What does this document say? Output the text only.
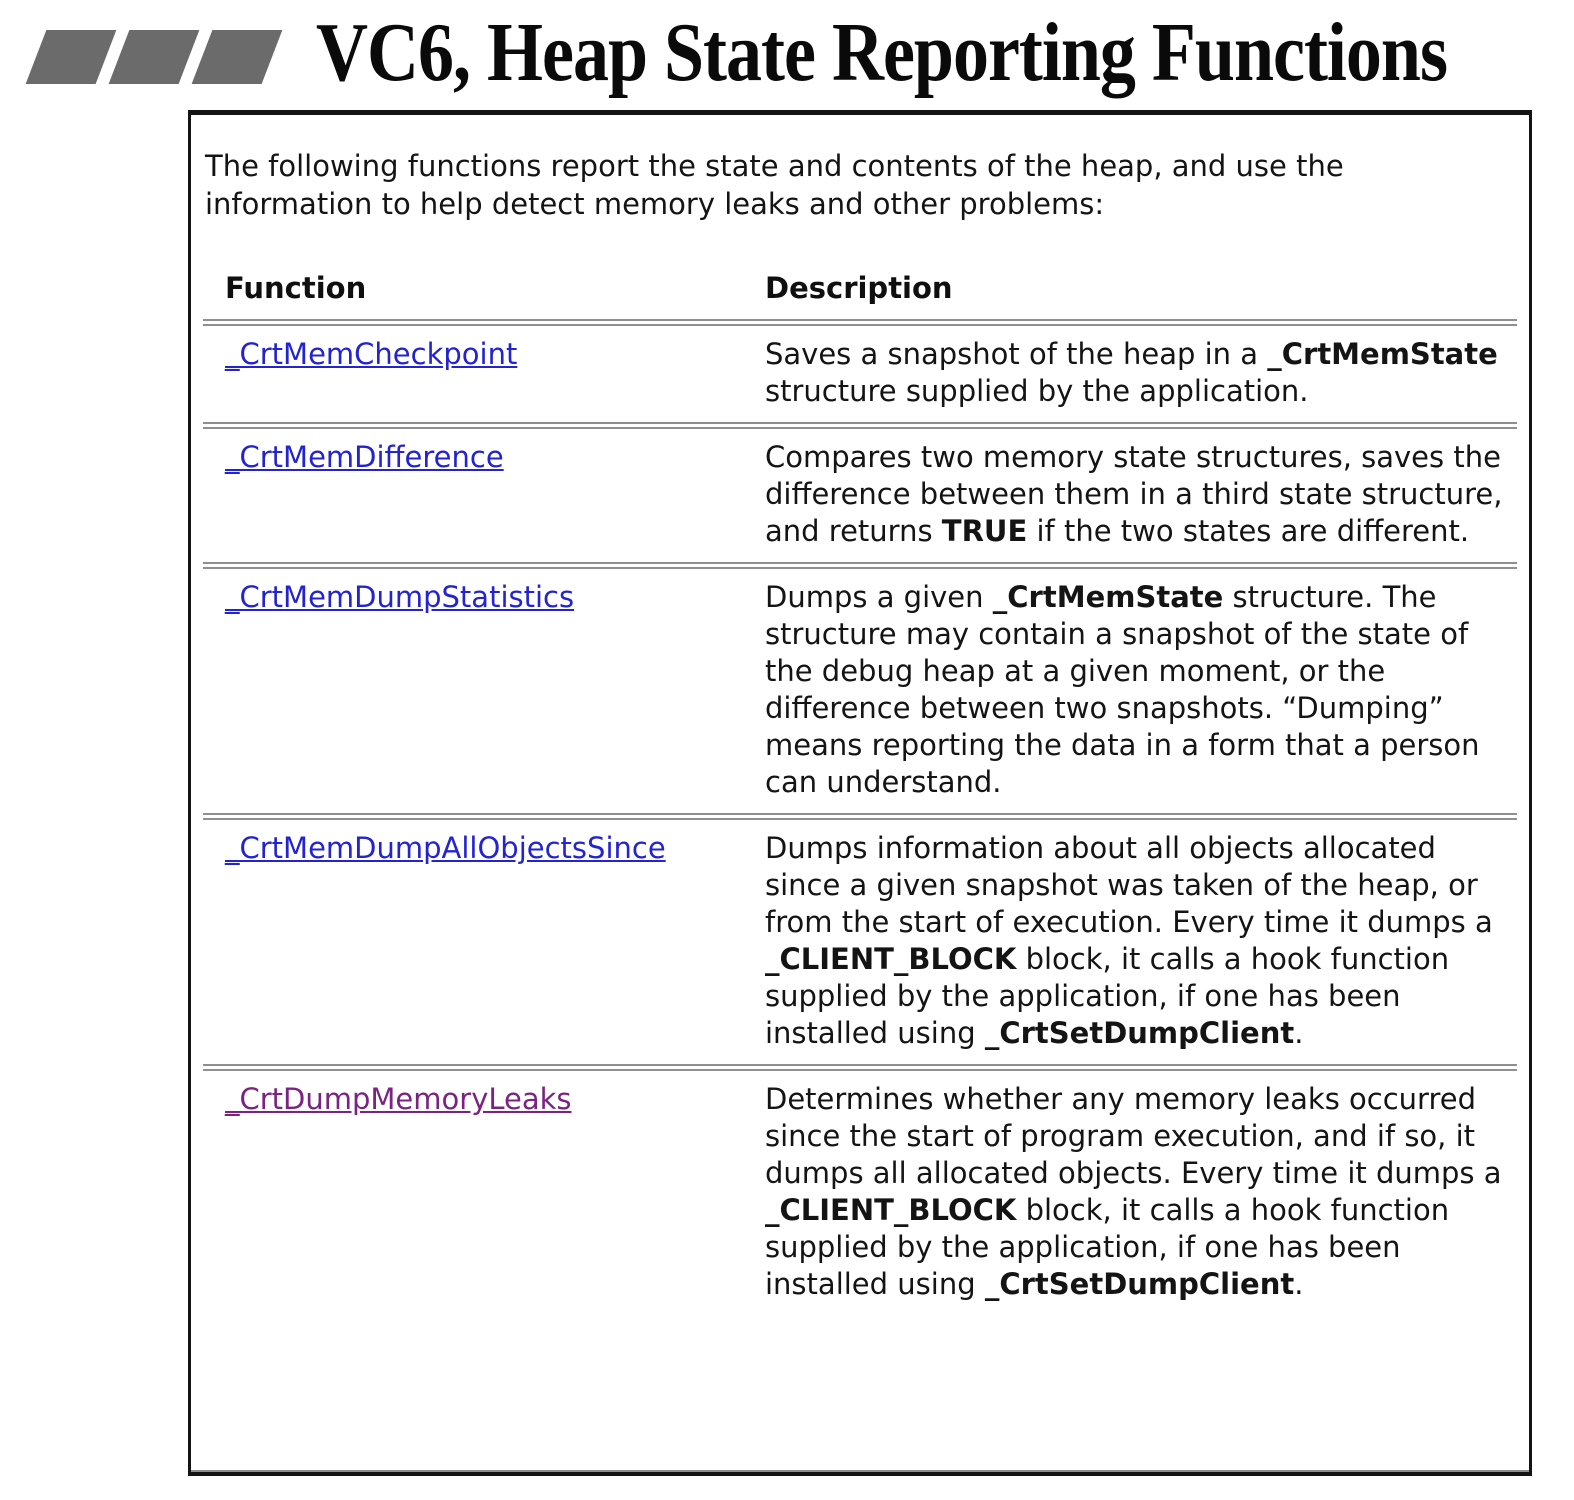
VC6, Heap State Reporting Functions

The following functions report the state and contents of the heap, and use the information to help detect memory leaks and other problems:

Function	Description
_CrtMemCheckpoint	Saves a snapshot of the heap in a _CrtMemState structure supplied by the application.
_CrtMemDifference	Compares two memory state structures, saves the difference between them in a third state structure, and returns TRUE if the two states are different.
_CrtMemDumpStatistics	Dumps a given _CrtMemState structure. The structure may contain a snapshot of the state of the debug heap at a given moment, or the difference between two snapshots. “Dumping” means reporting the data in a form that a person can understand.
_CrtMemDumpAllObjectsSince	Dumps information about all objects allocated since a given snapshot was taken of the heap, or from the start of execution. Every time it dumps a _CLIENT_BLOCK block, it calls a hook function supplied by the application, if one has been installed using _CrtSetDumpClient.
_CrtDumpMemoryLeaks	Determines whether any memory leaks occurred since the start of program execution, and if so, it dumps all allocated objects. Every time it dumps a _CLIENT_BLOCK block, it calls a hook function supplied by the application, if one has been installed using _CrtSetDumpClient.
